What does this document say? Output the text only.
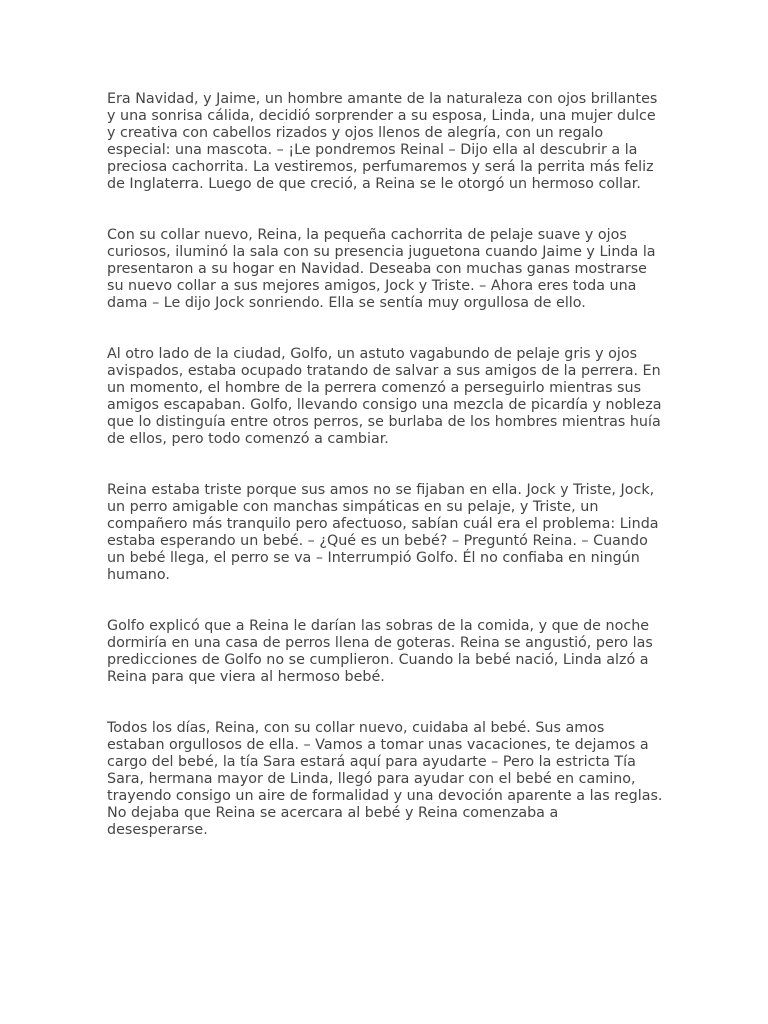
Era Navidad, y Jaime, un hombre amante de la naturaleza con ojos brillantes y una sonrisa cálida, decidió sorprender a su esposa, Linda, una mujer dulce y creativa con cabellos rizados y ojos llenos de alegría, con un regalo especial: una mascota. – ¡Le pondremos Reinal – Dijo ella al descubrir a la preciosa cachorrita. La vestiremos, perfumaremos y será la perrita más feliz de Inglaterra. Luego de que creció, a Reina se le otorgó un hermoso collar.

Con su collar nuevo, Reina, la pequeña cachorrita de pelaje suave y ojos curiosos, iluminó la sala con su presencia juguetona cuando Jaime y Linda la presentaron a su hogar en Navidad. Deseaba con muchas ganas mostrarse su nuevo collar a sus mejores amigos, Jock y Triste. – Ahora eres toda una dama – Le dijo Jock sonriendo. Ella se sentía muy orgullosa de ello.

Al otro lado de la ciudad, Golfo, un astuto vagabundo de pelaje gris y ojos avispados, estaba ocupado tratando de salvar a sus amigos de la perrera. En un momento, el hombre de la perrera comenzó a perseguirlo mientras sus amigos escapaban. Golfo, llevando consigo una mezcla de picardía y nobleza que lo distinguía entre otros perros, se burlaba de los hombres mientras huía de ellos, pero todo comenzó a cambiar.

Reina estaba triste porque sus amos no se fijaban en ella. Jock y Triste, Jock, un perro amigable con manchas simpáticas en su pelaje, y Triste, un compañero más tranquilo pero afectuoso, sabían cuál era el problema: Linda estaba esperando un bebé. – ¿Qué es un bebé? – Preguntó Reina. – Cuando un bebé llega, el perro se va – Interrumpió Golfo. Él no confiaba en ningún humano.

Golfo explicó que a Reina le darían las sobras de la comida, y que de noche dormiría en una casa de perros llena de goteras. Reina se angustió, pero las predicciones de Golfo no se cumplieron. Cuando la bebé nació, Linda alzó a Reina para que viera al hermoso bebé.

Todos los días, Reina, con su collar nuevo, cuidaba al bebé. Sus amos estaban orgullosos de ella. – Vamos a tomar unas vacaciones, te dejamos a cargo del bebé, la tía Sara estará aquí para ayudarte – Pero la estricta Tía Sara, hermana mayor de Linda, llegó para ayudar con el bebé en camino, trayendo consigo un aire de formalidad y una devoción aparente a las reglas. No dejaba que Reina se acercara al bebé y Reina comenzaba a desesperarse.
